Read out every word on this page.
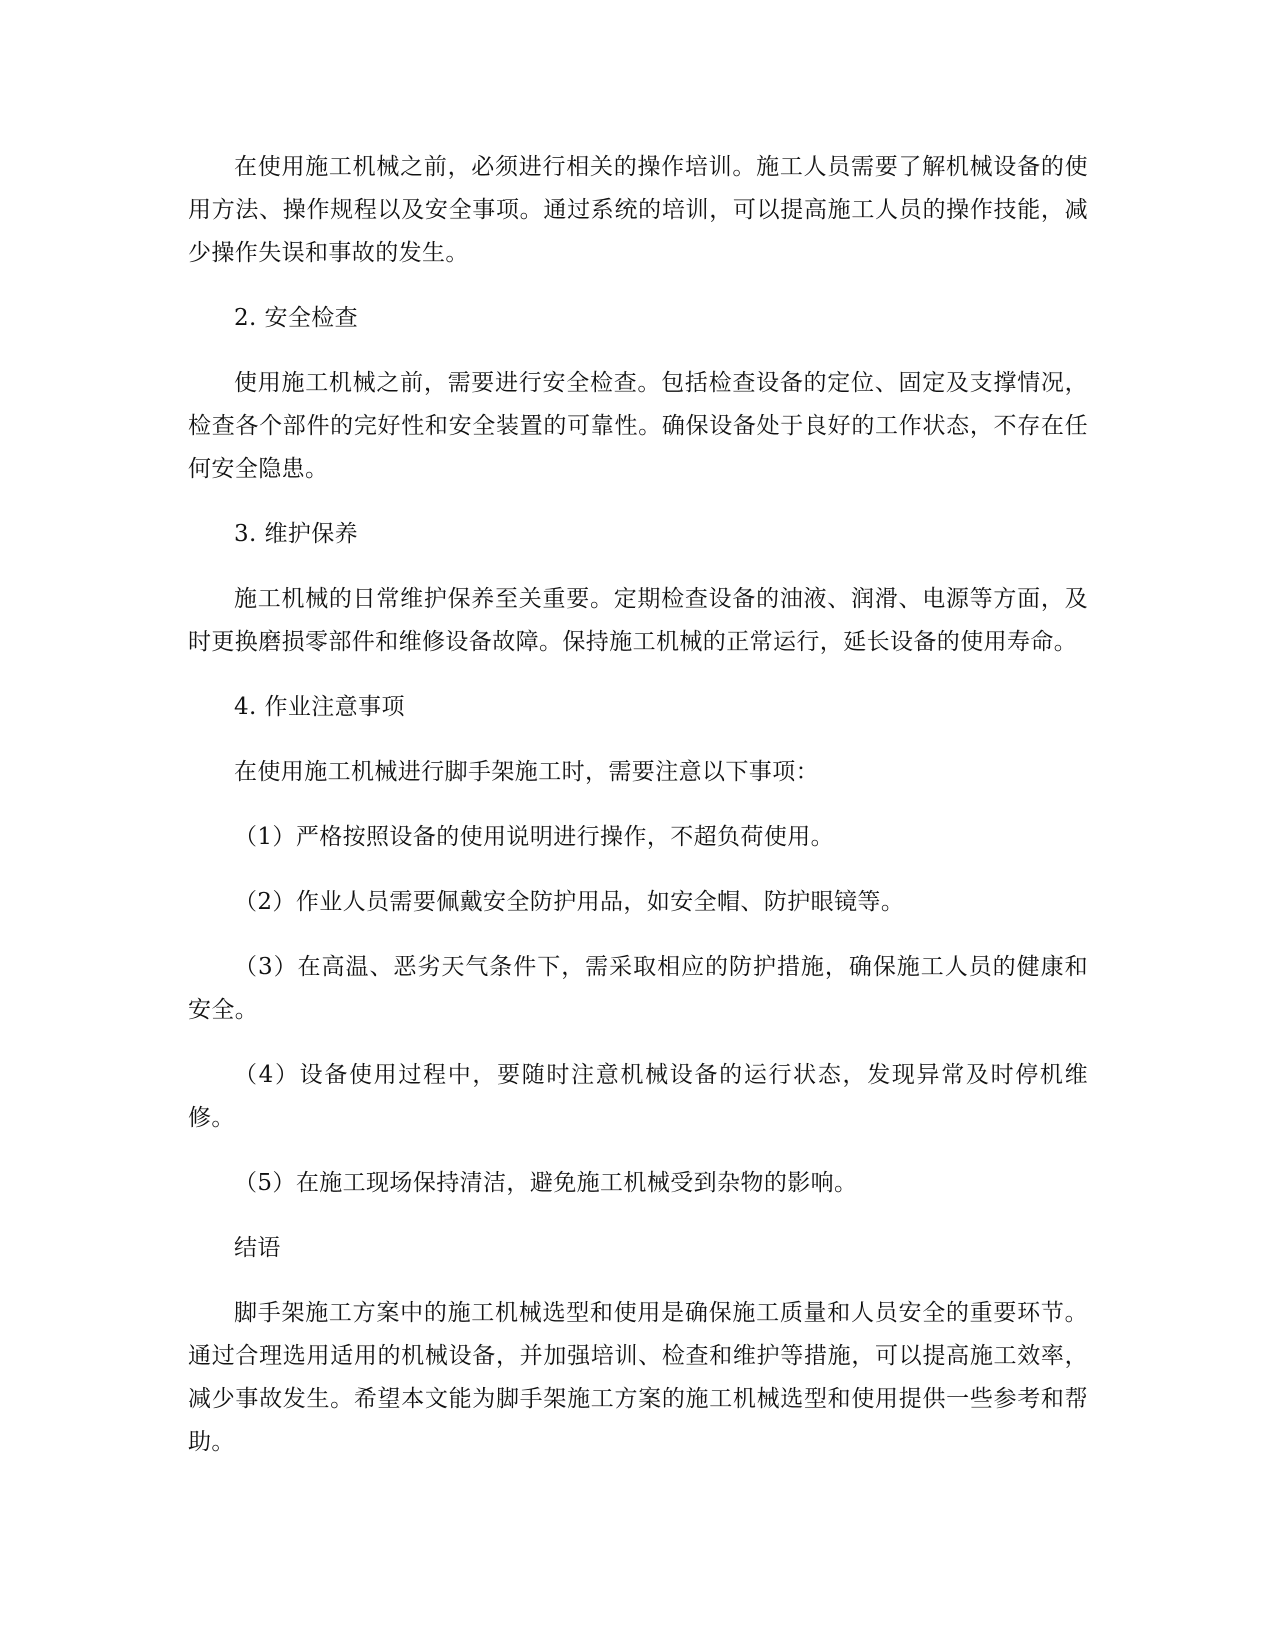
在使用施工机械之前，必须进行相关的操作培训。施工人员需要了解机械设备的使用方法、操作规程以及安全事项。通过系统的培训，可以提高施工人员的操作技能，减少操作失误和事故的发生。

2. 安全检查

使用施工机械之前，需要进行安全检查。包括检查设备的定位、固定及支撑情况，检查各个部件的完好性和安全装置的可靠性。确保设备处于良好的工作状态，不存在任何安全隐患。

3. 维护保养

施工机械的日常维护保养至关重要。定期检查设备的油液、润滑、电源等方面，及时更换磨损零部件和维修设备故障。保持施工机械的正常运行，延长设备的使用寿命。

4. 作业注意事项

在使用施工机械进行脚手架施工时，需要注意以下事项：

（1）严格按照设备的使用说明进行操作，不超负荷使用。

（2）作业人员需要佩戴安全防护用品，如安全帽、防护眼镜等。

（3）在高温、恶劣天气条件下，需采取相应的防护措施，确保施工人员的健康和安全。

（4）设备使用过程中，要随时注意机械设备的运行状态，发现异常及时停机维修。

（5）在施工现场保持清洁，避免施工机械受到杂物的影响。

结语

脚手架施工方案中的施工机械选型和使用是确保施工质量和人员安全的重要环节。通过合理选用适用的机械设备，并加强培训、检查和维护等措施，可以提高施工效率，减少事故发生。希望本文能为脚手架施工方案的施工机械选型和使用提供一些参考和帮助。
